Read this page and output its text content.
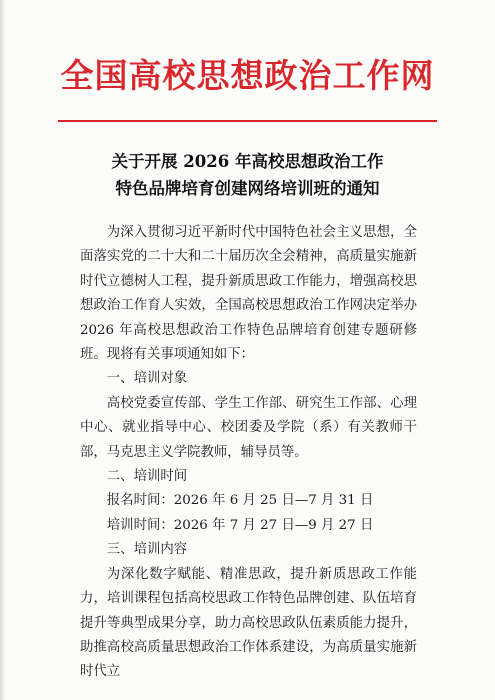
全国高校思想政治工作网
关于开展 2026 年高校思想政治工作
特色品牌培育创建网络培训班的通知

为深入贯彻习近平新时代中国特色社会主义思想，全面落实党的二十大和二十届历次全会精神，高质量实施新时代立德树人工程，提升新质思政工作能力，增强高校思想政治工作育人实效，全国高校思想政治工作网决定举办 2026 年高校思想政治工作特色品牌培育创建专题研修班。现将有关事项通知如下：

一、培训对象

高校党委宣传部、学生工作部、研究生工作部、心理中心、就业指导中心、校团委及学院（系）有关教师干部，马克思主义学院教师，辅导员等。

二、培训时间

报名时间：2026 年 6 月 25 日—7 月 31 日

培训时间：2026 年 7 月 27 日—9 月 27 日

三、培训内容

为深化数字赋能、精准思政，提升新质思政工作能力，培训课程包括高校思政工作特色品牌创建、队伍培育提升等典型成果分享，助力高校思政队伍素质能力提升，助推高校高质量思想政治工作体系建设，为高质量实施新时代立
